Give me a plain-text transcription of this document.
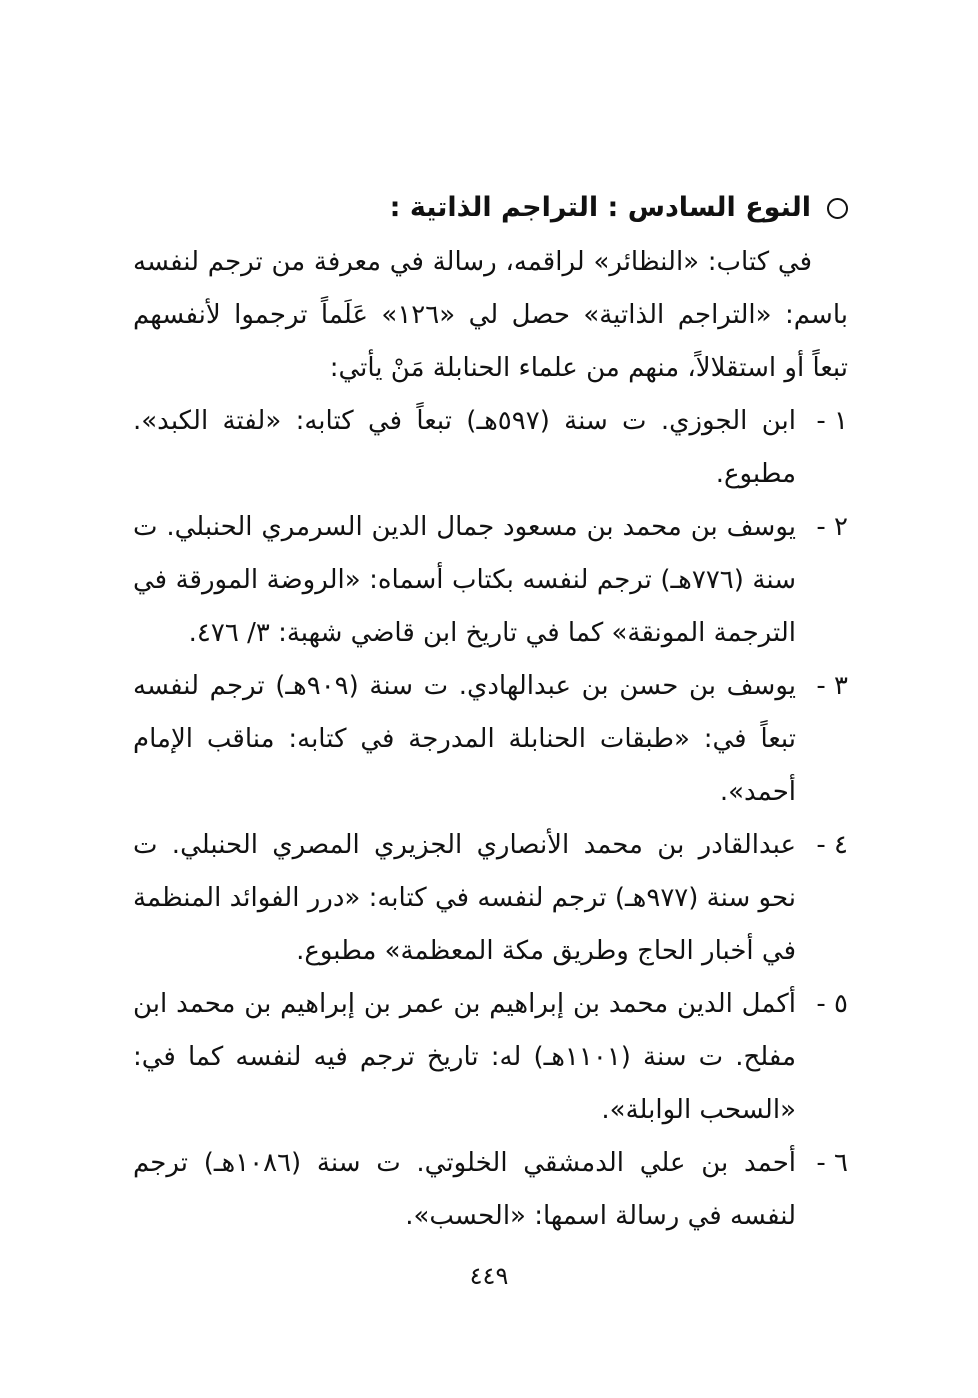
النوع السادس : التراجم الذاتية :

في كتاب: «النظائر» لراقمه، رسالة في معرفة من ترجم لنفسه باسم: «التراجم الذاتية» حصل لي «١٢٦» عَلَماً ترجموا لأنفسهم تبعاً أو استقلالاً، منهم من علماء الحنابلة مَنْ يأتي:

١ -
ابن الجوزي. ت سنة (٥٩٧هـ) تبعاً في كتابه: «لفتة الكبد». مطبوع.
٢ -
يوسف بن محمد بن مسعود جمال الدين السرمري الحنبلي. ت سنة (٧٧٦هـ) ترجم لنفسه بكتاب أسماه: «الروضة المورقة في الترجمة المونقة» كما في تاريخ ابن قاضي شهبة: ٣/ ٤٧٦.
٣ -
يوسف بن حسن بن عبدالهادي. ت سنة (٩٠٩هـ) ترجم لنفسه تبعاً في: «طبقات الحنابلة المدرجة في كتابه: مناقب الإمام أحمد».
٤ -
عبدالقادر بن محمد الأنصاري الجزيري المصري الحنبلي. ت نحو سنة (٩٧٧هـ) ترجم لنفسه في كتابه: «درر الفوائد المنظمة في أخبار الحاج وطريق مكة المعظمة» مطبوع.
٥ -
أكمل الدين محمد بن إبراهيم بن عمر بن إبراهيم بن محمد ابن مفلح. ت سنة (١١٠١هـ) له: تاريخ ترجم فيه لنفسه كما في: «السحب الوابلة».
٦ -
أحمد بن علي الدمشقي الخلوتي. ت سنة (١٠٨٦هـ) ترجم لنفسه في رسالة اسمها: «الحسب».
٤٤٩
